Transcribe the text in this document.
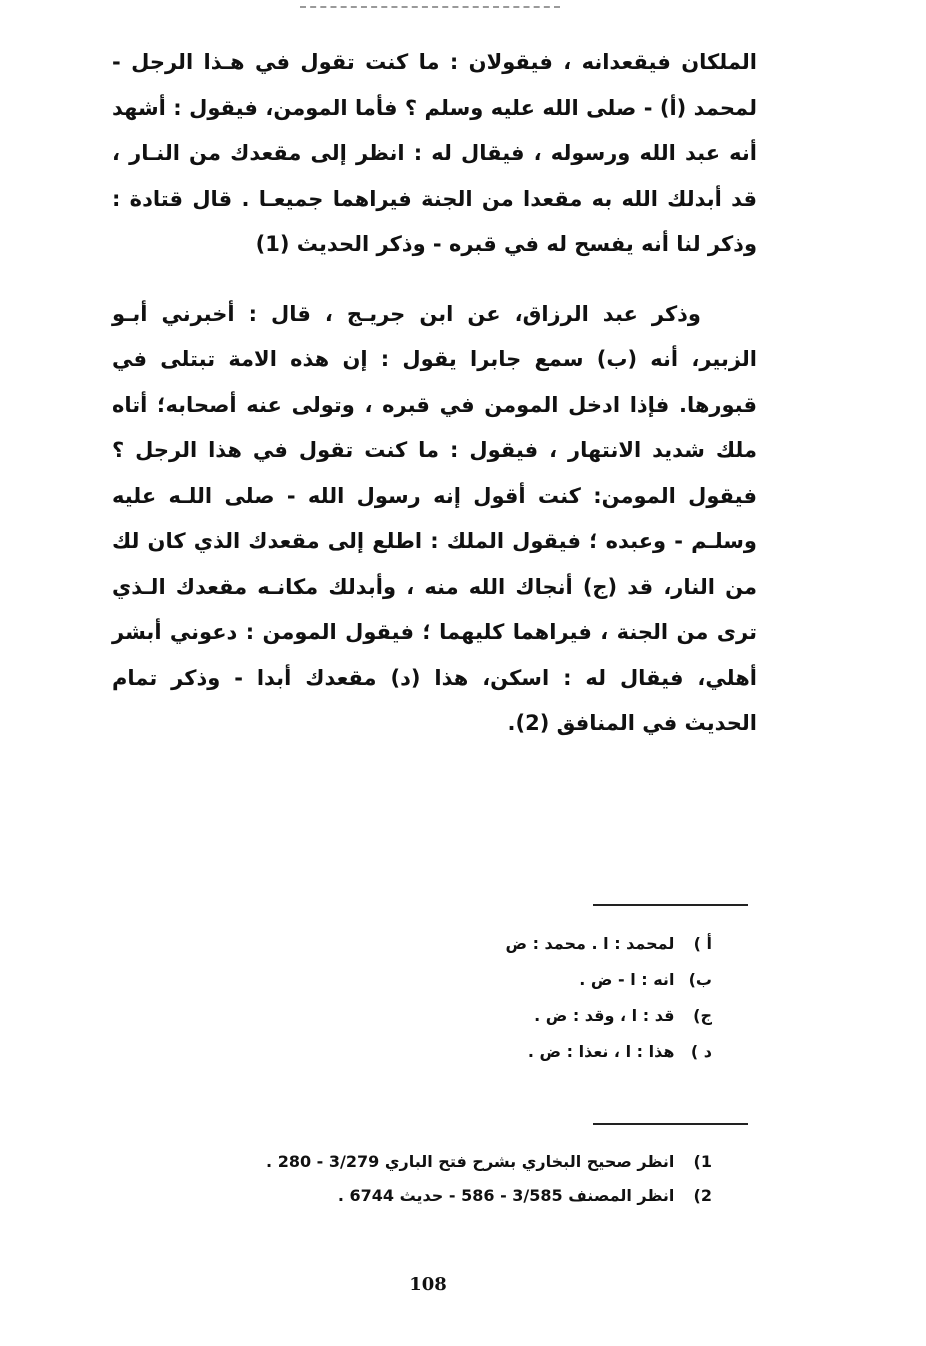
الملكان فيقعدانه ، فيقولان : ما كنت تقول في هـذا الرجل - لمحمد (أ) - صلى الله عليه وسلم ؟ فأما المومن، فيقول : أشهد أنه عبد الله ورسوله ، فيقال له : انظر إلى مقعدك من النـار ، قد أبدلك الله به مقعدا من الجنة فيراهما جميعـا . قال قتادة : وذكر لنا أنه يفسح له في قبره - وذكر الحديث (1)

وذكر عبد الرزاق، عن ابن جريـج ، قال : أخبرني أبـو الزبير، أنه (ب) سمع جابرا يقول : إن هذه الامة تبتلى في قبورها. فإذا ادخل المومن في قبره ، وتولى عنه أصحابه؛ أتاه ملك شديد الانتهار ، فيقول : ما كنت تقول في هذا الرجل ؟ فيقول المومن: كنت أقول إنه رسول الله - صلى اللـه عليه وسلـم - وعبده ؛ فيقول الملك : اطلع إلى مقعدك الذي كان لك من النار، قد (ج) أنجاك الله منه ، وأبدلك مكانـه مقعدك الـذي ترى من الجنة ، فيراهما كليهما ؛ فيقول المومن : دعوني أبشر أهلي، فيقال له : اسكن، هذا (د) مقعدك أبدا - وذكر تمام الحديث في المنافق (2).

أ ) لمحمد : ا . محمد : ض
ب) انه : ا - ض .
ج) قد : ا ، وقد : ض .
د ) هذا : ا ، نعذا : ض .
1) انظر صحيح البخاري بشرح فتح الباري 3/279 - 280 .
2) انظر المصنف 3/585 - 586 - حديث 6744 .
108
